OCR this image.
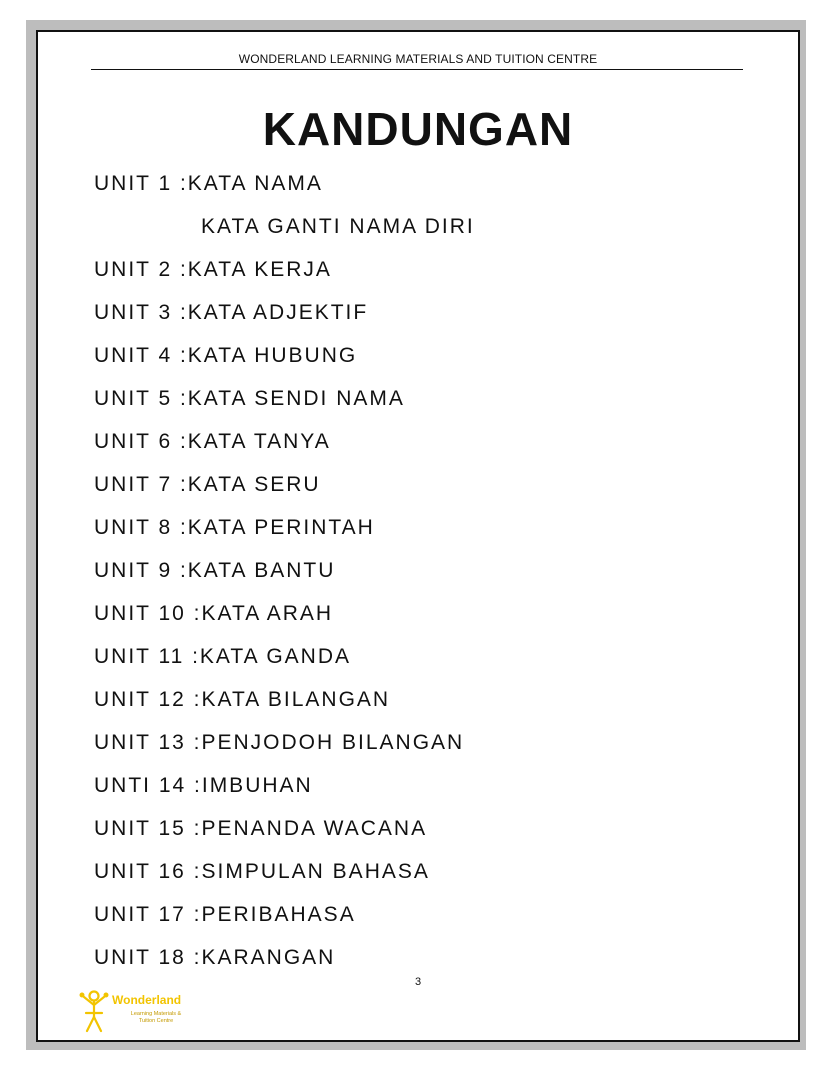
WONDERLAND LEARNING MATERIALS AND TUITION CENTRE
KANDUNGAN
UNIT 1 :KATA NAMA
KATA GANTI NAMA DIRI
UNIT 2 :KATA KERJA
UNIT 3 :KATA ADJEKTIF
UNIT 4 :KATA HUBUNG
UNIT 5 :KATA SENDI NAMA
UNIT 6 :KATA TANYA
UNIT 7 :KATA SERU
UNIT 8 :KATA PERINTAH
UNIT 9 :KATA BANTU
UNIT 10 :KATA ARAH
UNIT 11 :KATA GANDA
UNIT 12 :KATA BILANGAN
UNIT 13 :PENJODOH BILANGAN
UNTI 14 :IMBUHAN
UNIT 15 :PENANDA WACANA
UNIT 16 :SIMPULAN BAHASA
UNIT 17 :PERIBAHASA
UNIT 18 :KARANGAN
3
Wonderland
Learning Materials &
Tuition Centre
